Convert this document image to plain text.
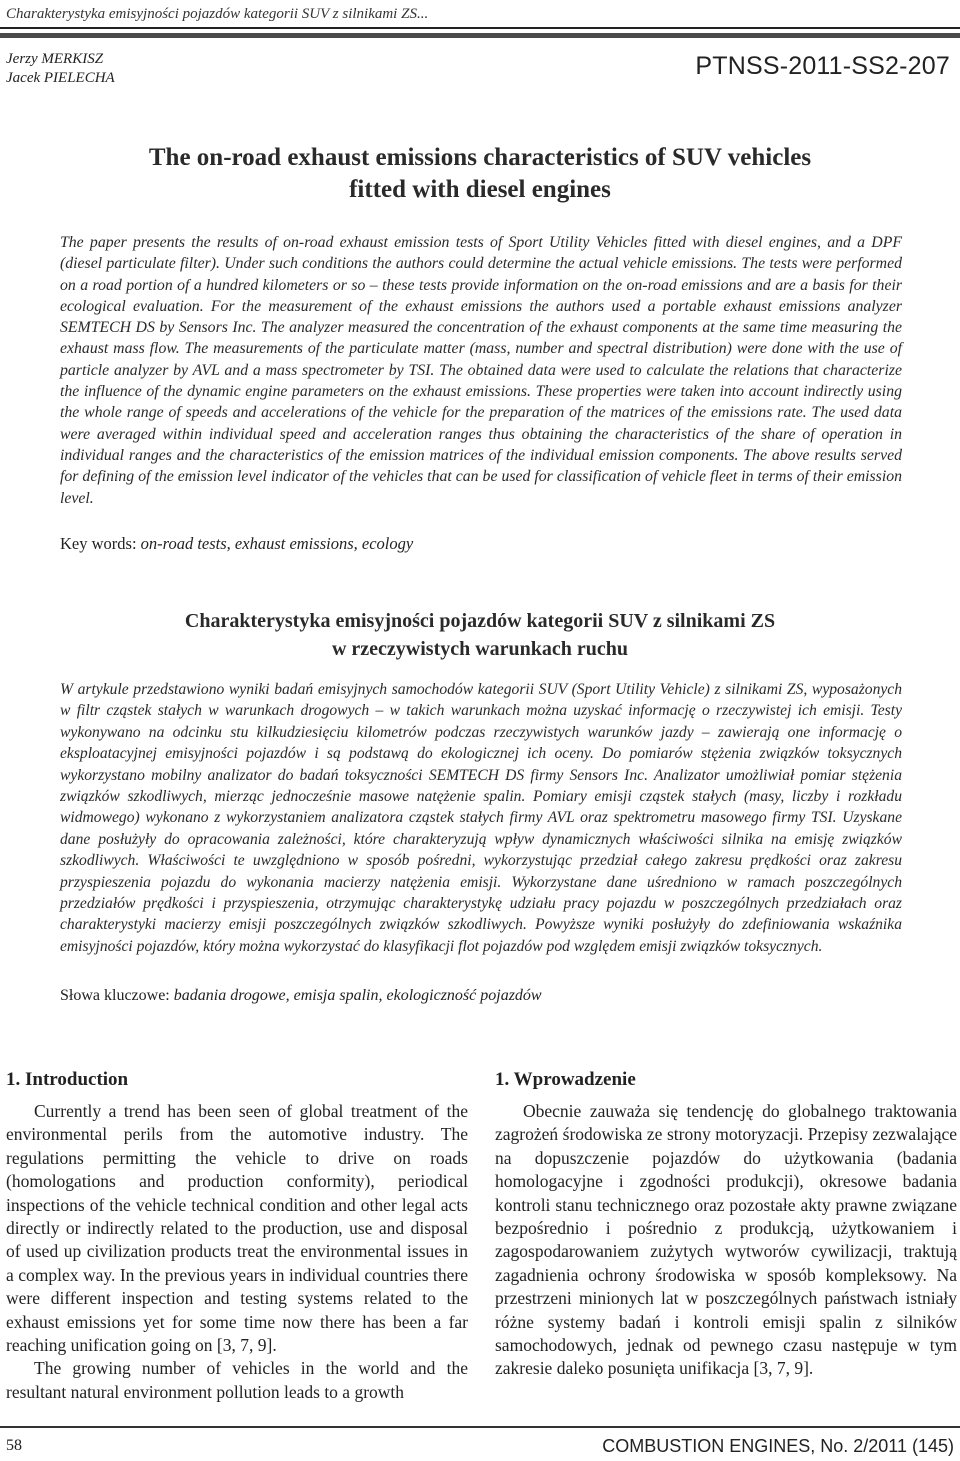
Charakterystyka emisyjności pojazdów kategorii SUV z silnikami ZS...
Jerzy MERKISZ
Jacek PIELECHA	PTNSS-2011-SS2-207
The on-road exhaust emissions characteristics of SUV vehicles
fitted with diesel engines
The paper presents the results of on-road exhaust emission tests of Sport Utility Vehicles fitted with diesel engines, and a DPF (diesel particulate filter). Under such conditions the authors could determine the actual vehicle emissions. The tests were performed on a road portion of a hundred kilometers or so – these tests provide information on the on-road emissions and are a basis for their ecological evaluation. For the measurement of the exhaust emissions the authors used a portable exhaust emissions analyzer SEMTECH DS by Sensors Inc. The analyzer measured the concentration of the exhaust components at the same time measuring the exhaust mass flow. The measurements of the particulate matter (mass, number and spectral distribution) were done with the use of particle analyzer by AVL and a mass spectrometer by TSI. The obtained data were used to calculate the relations that characterize the influence of the dynamic engine parameters on the exhaust emissions. These properties were taken into account indirectly using the whole range of speeds and accelerations of the vehicle for the preparation of the matrices of the emissions rate. The used data were averaged within individual speed and acceleration ranges thus obtaining the characteristics of the share of operation in individual ranges and the characteristics of the emission matrices of the individual emission components. The above results served for defining of the emission level indicator of the vehicles that can be used for classification of vehicle fleet in terms of their emission level.
Key words: on-road tests, exhaust emissions, ecology
Charakterystyka emisyjności pojazdów kategorii SUV z silnikami ZS
w rzeczywistych warunkach ruchu
W artykule przedstawiono wyniki badań emisyjnych samochodów kategorii SUV (Sport Utility Vehicle) z silnikami ZS, wyposażonych w filtr cząstek stałych w warunkach drogowych – w takich warunkach można uzyskać informację o rzeczywistej ich emisji. Testy wykonywano na odcinku stu kilkudziesięciu kilometrów podczas rzeczywistych warunków jazdy – zawierają one informację o eksploatacyjnej emisyjności pojazdów i są podstawą do ekologicznej ich oceny. Do pomiarów stężenia związków toksycznych wykorzystano mobilny analizator do badań toksyczności SEMTECH DS firmy Sensors Inc. Analizator umożliwiał pomiar stężenia związków szkodliwych, mierząc jednocześnie masowe natężenie spalin. Pomiary emisji cząstek stałych (masy, liczby i rozkładu widmowego) wykonano z wykorzystaniem analizatora cząstek stałych firmy AVL oraz spektrometru masowego firmy TSI. Uzyskane dane posłużyły do opracowania zależności, które charakteryzują wpływ dynamicznych właściwości silnika na emisję związków szkodliwych. Właściwości te uwzględniono w sposób pośredni, wykorzystując przedział całego zakresu prędkości oraz zakresu przyspieszenia pojazdu do wykonania macierzy natężenia emisji. Wykorzystane dane uśredniono w ramach poszczególnych przedziałów prędkości i przyspieszenia, otrzymując charakterystykę udziału pracy pojazdu w poszczególnych przedziałach oraz charakterystyki macierzy emisji poszczególnych związków szkodliwych. Powyższe wyniki posłużyły do zdefiniowania wskaźnika emisyjności pojazdów, który można wykorzystać do klasyfikacji flot pojazdów pod względem emisji związków toksycznych.
Słowa kluczowe: badania drogowe, emisja spalin, ekologiczność pojazdów
1. Introduction

Currently a trend has been seen of global treatment of the environmental perils from the automotive industry. The regulations permitting the vehicle to drive on roads (homologations and production conformity), periodical inspections of the vehicle technical condition and other legal acts directly or indirectly related to the production, use and disposal of used up civilization products treat the environmental issues in a complex way. In the previous years in individual countries there were different inspection and testing systems related to the exhaust emissions yet for some time now there has been a far reaching unification going on [3, 7, 9].

The growing number of vehicles in the world and the resultant natural environment pollution leads to a growth

1. Wprowadzenie

Obecnie zauważa się tendencję do globalnego traktowania zagrożeń środowiska ze strony motoryzacji. Przepisy zezwalające na dopuszczenie pojazdów do użytkowania (badania homologacyjne i zgodności produkcji), okresowe badania kontroli stanu technicznego oraz pozostałe akty prawne związane bezpośrednio i pośrednio z produkcją, użytkowaniem i zagospodarowaniem zużytych wytworów cywilizacji, traktują zagadnienia ochrony środowiska w sposób kompleksowy. Na przestrzeni minionych lat w poszczególnych państwach istniały różne systemy badań i kontroli emisji spalin z silników samochodowych, jednak od pewnego czasu następuje w tym zakresie daleko posunięta unifikacja [3, 7, 9].

58	COMBUSTION ENGINES, No. 2/2011 (145)
